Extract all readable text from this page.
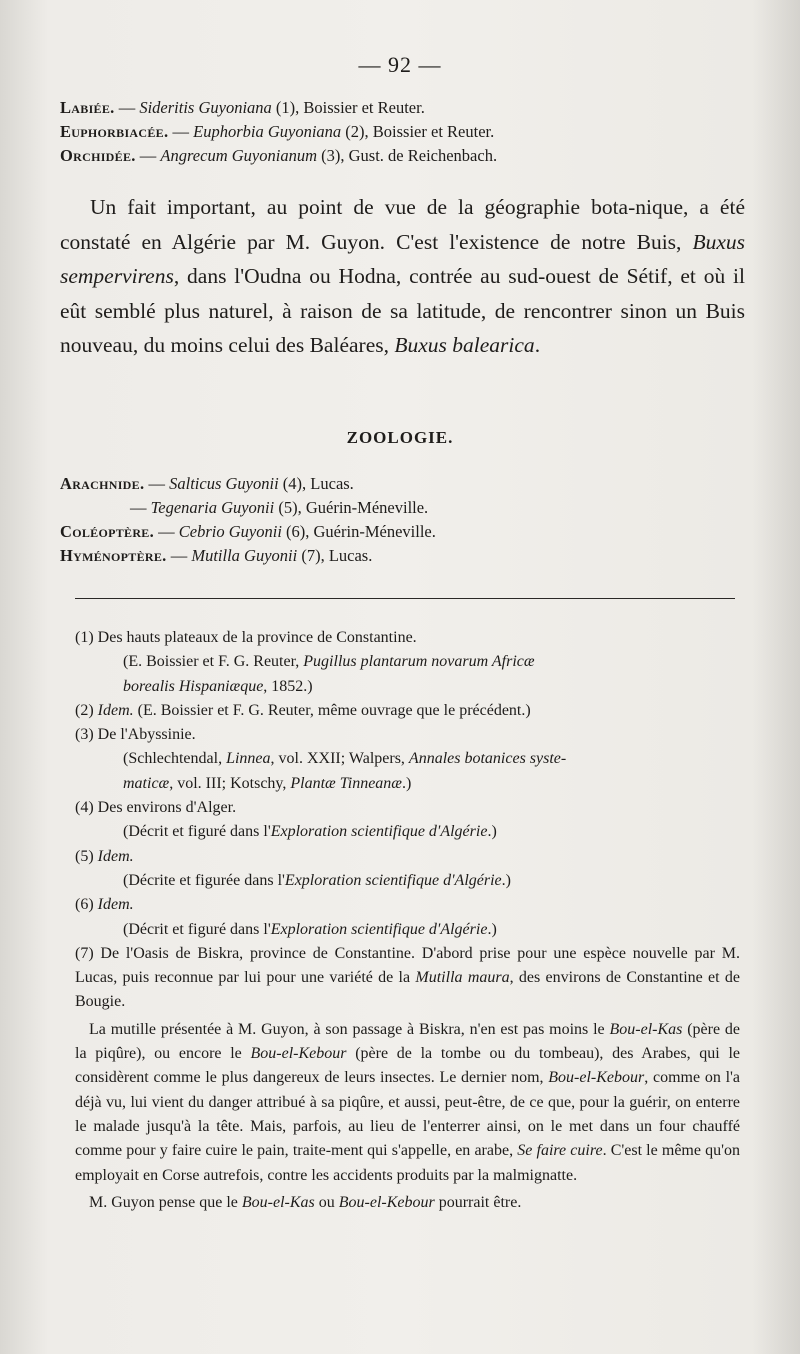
— 92 —
Labiée. — Sideritis Guyoniana (1), Boissier et Reuter.
Euphorbiacée. — Euphorbia Guyoniana (2), Boissier et Reuter.
Orchidée. — Angrecum Guyonianum (3), Gust. de Reichenbach.
Un fait important, au point de vue de la géographie bota-nique, a été constaté en Algérie par M. Guyon. C'est l'existence de notre Buis, Buxus sempervirens, dans l'Oudna ou Hodna, contrée au sud-ouest de Sétif, et où il eût semblé plus naturel, à raison de sa latitude, de rencontrer sinon un Buis nouveau, du moins celui des Baléares, Buxus balearica.
ZOOLOGIE.
Arachnide. — Salticus Guyonii (4), Lucas.
— Tegenaria Guyonii (5), Guérin-Méneville.
Coléoptère. — Cebrio Guyonii (6), Guérin-Méneville.
Hyménoptère. — Mutilla Guyonii (7), Lucas.
(1) Des hauts plateaux de la province de Constantine.
(E. Boissier et F. G. Reuter, Pugillus plantarum novarum Africæ
borealis Hispaniæque, 1852.)
(2) Idem. (E. Boissier et F. G. Reuter, même ouvrage que le précédent.)
(3) De l'Abyssinie.
(Schlechtendal, Linnea, vol. XXII; Walpers, Annales botanices syste-
maticæ, vol. III; Kotschy, Plantæ Tinneanæ.)
(4) Des environs d'Alger.
(Décrit et figuré dans l'Exploration scientifique d'Algérie.)
(5) Idem.
(Décrite et figurée dans l'Exploration scientifique d'Algérie.)
(6) Idem.
(Décrit et figuré dans l'Exploration scientifique d'Algérie.)
(7) De l'Oasis de Biskra, province de Constantine. D'abord prise pour une espèce nouvelle par M. Lucas, puis reconnue par lui pour une variété de la Mutilla maura, des environs de Constantine et de Bougie.
La mutille présentée à M. Guyon, à son passage à Biskra, n'en est pas moins le Bou-el-Kas (père de la piqûre), ou encore le Bou-el-Kebour (père de la tombe ou du tombeau), des Arabes, qui le considèrent comme le plus dangereux de leurs insectes. Le dernier nom, Bou-el-Kebour, comme on l'a déjà vu, lui vient du danger attribué à sa piqûre, et aussi, peut-être, de ce que, pour la guérir, on enterre le malade jusqu'à la tête. Mais, parfois, au lieu de l'enterrer ainsi, on le met dans un four chauffé comme pour y faire cuire le pain, traite-ment qui s'appelle, en arabe, Se faire cuire. C'est le même qu'on employait en Corse autrefois, contre les accidents produits par la malmignatte.
M. Guyon pense que le Bou-el-Kas ou Bou-el-Kebour pourrait être.
